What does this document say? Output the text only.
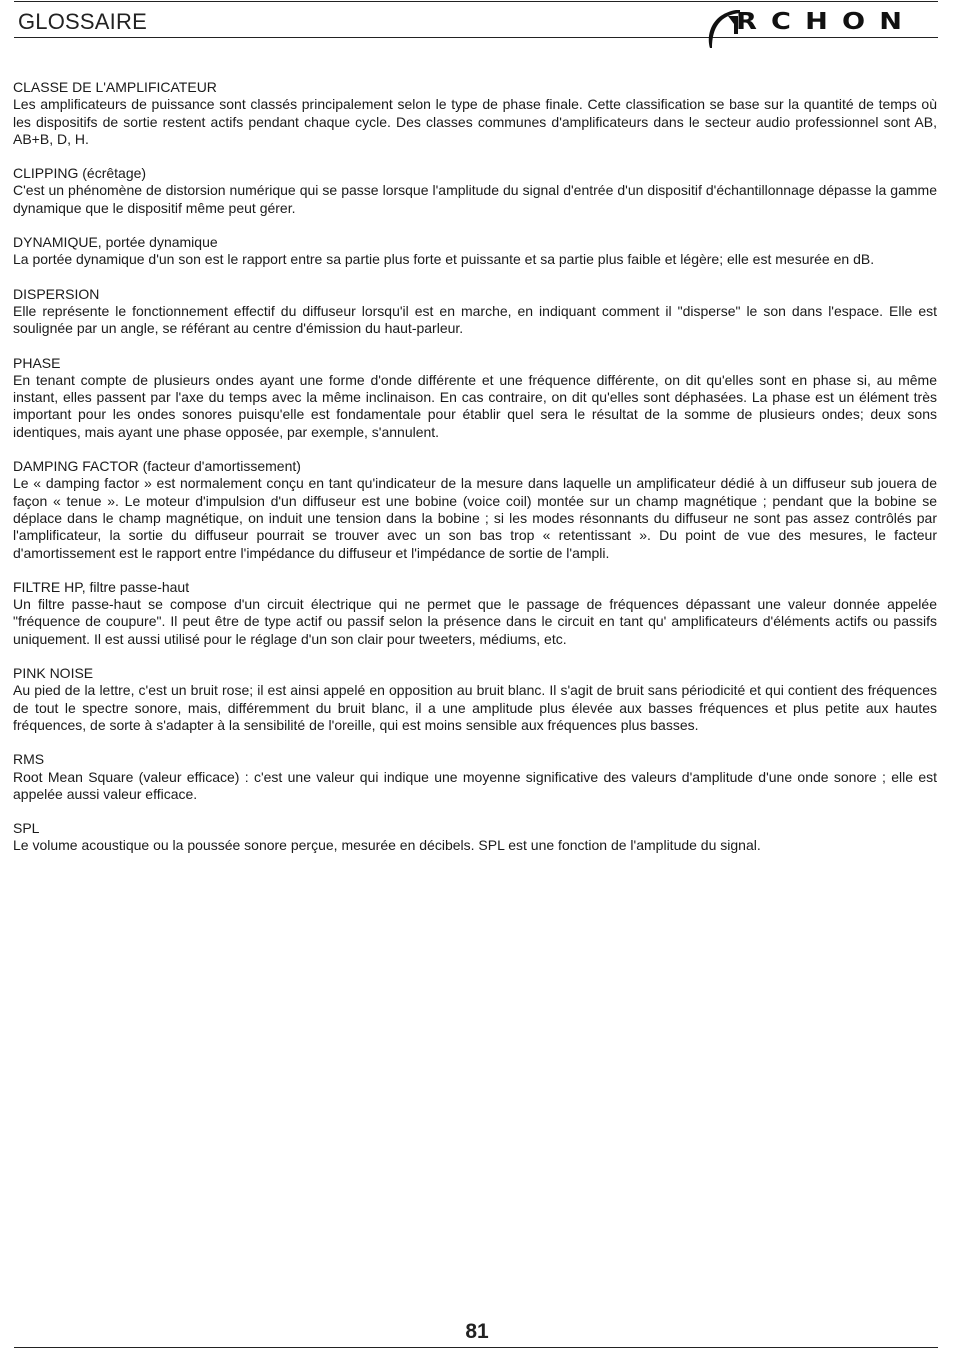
GLOSSAIRE	RCHON

CLASSE DE L'AMPLIFICATEUR

Les amplificateurs de puissance sont classés principalement selon le type de phase finale. Cette classification se base sur la quantité de temps où les dispositifs de sortie restent actifs pendant chaque cycle. Des classes communes d'amplificateurs dans le secteur audio professionnel sont AB, AB+B, D, H.

CLIPPING (écrêtage)

C'est un phénomène de distorsion numérique qui se passe lorsque l'amplitude du signal d'entrée d'un dispositif d'échantillonnage dépasse la gamme dynamique que le dispositif même peut gérer.

DYNAMIQUE, portée dynamique

La portée dynamique d'un son est le rapport entre sa partie plus forte et puissante et sa partie plus faible et légère; elle est mesurée en dB.

DISPERSION

Elle représente le fonctionnement effectif du diffuseur lorsqu'il est en marche, en indiquant comment il "disperse" le son dans l'espace. Elle est soulignée par un angle, se référant au centre d'émission du haut-parleur.

PHASE

En tenant compte de plusieurs ondes ayant une forme d'onde différente et une fréquence différente, on dit qu'elles sont en phase si, au même instant, elles passent par l'axe du temps avec la même inclinaison. En cas contraire, on dit qu'elles sont déphasées. La phase est un élément très important pour les ondes sonores puisqu'elle est fondamentale pour établir quel sera le résultat de la somme de plusieurs ondes; deux sons identiques, mais ayant une phase opposée, par exemple, s'annulent.

DAMPING FACTOR (facteur d'amortissement)

Le « damping factor » est normalement conçu en tant qu'indicateur de la mesure dans laquelle un amplificateur dédié à un diffuseur sub jouera de façon « tenue ». Le moteur d'impulsion d'un diffuseur est une bobine (voice coil) montée sur un champ magnétique ; pendant que la bobine se déplace dans le champ magnétique, on induit une tension dans la bobine ; si les modes résonnants du diffuseur ne sont pas assez contrôlés par l'amplificateur, la sortie du diffuseur pourrait se trouver avec un son bas trop « retentissant ». Du point de vue des mesures, le facteur d'amortissement est le rapport entre l'impédance du diffuseur et l'impédance de sortie de l'ampli.

FILTRE HP, filtre passe-haut

Un filtre passe-haut se compose d'un circuit électrique qui ne permet que le passage de fréquences dépassant une valeur donnée appelée "fréquence de coupure". Il peut être de type actif ou passif selon la présence dans le circuit en tant qu' amplificateurs d'éléments actifs ou passifs uniquement. Il est aussi utilisé pour le réglage d'un son clair pour tweeters, médiums, etc.

PINK NOISE

Au pied de la lettre, c'est un bruit rose; il est ainsi appelé en opposition au bruit blanc. Il s'agit de bruit sans périodicité et qui contient des fréquences de tout le spectre sonore, mais, différemment du bruit blanc, il a une amplitude plus élevée aux basses fréquences et plus petite aux hautes fréquences, de sorte à s'adapter à la sensibilité de l'oreille, qui est moins sensible aux fréquences plus basses.

RMS

Root Mean Square (valeur efficace) : c'est une valeur qui indique une moyenne significative des valeurs d'amplitude d'une onde sonore ; elle est appelée aussi valeur efficace.

SPL

Le volume acoustique ou la poussée sonore perçue, mesurée en décibels. SPL est une fonction de l'amplitude du signal.

81
